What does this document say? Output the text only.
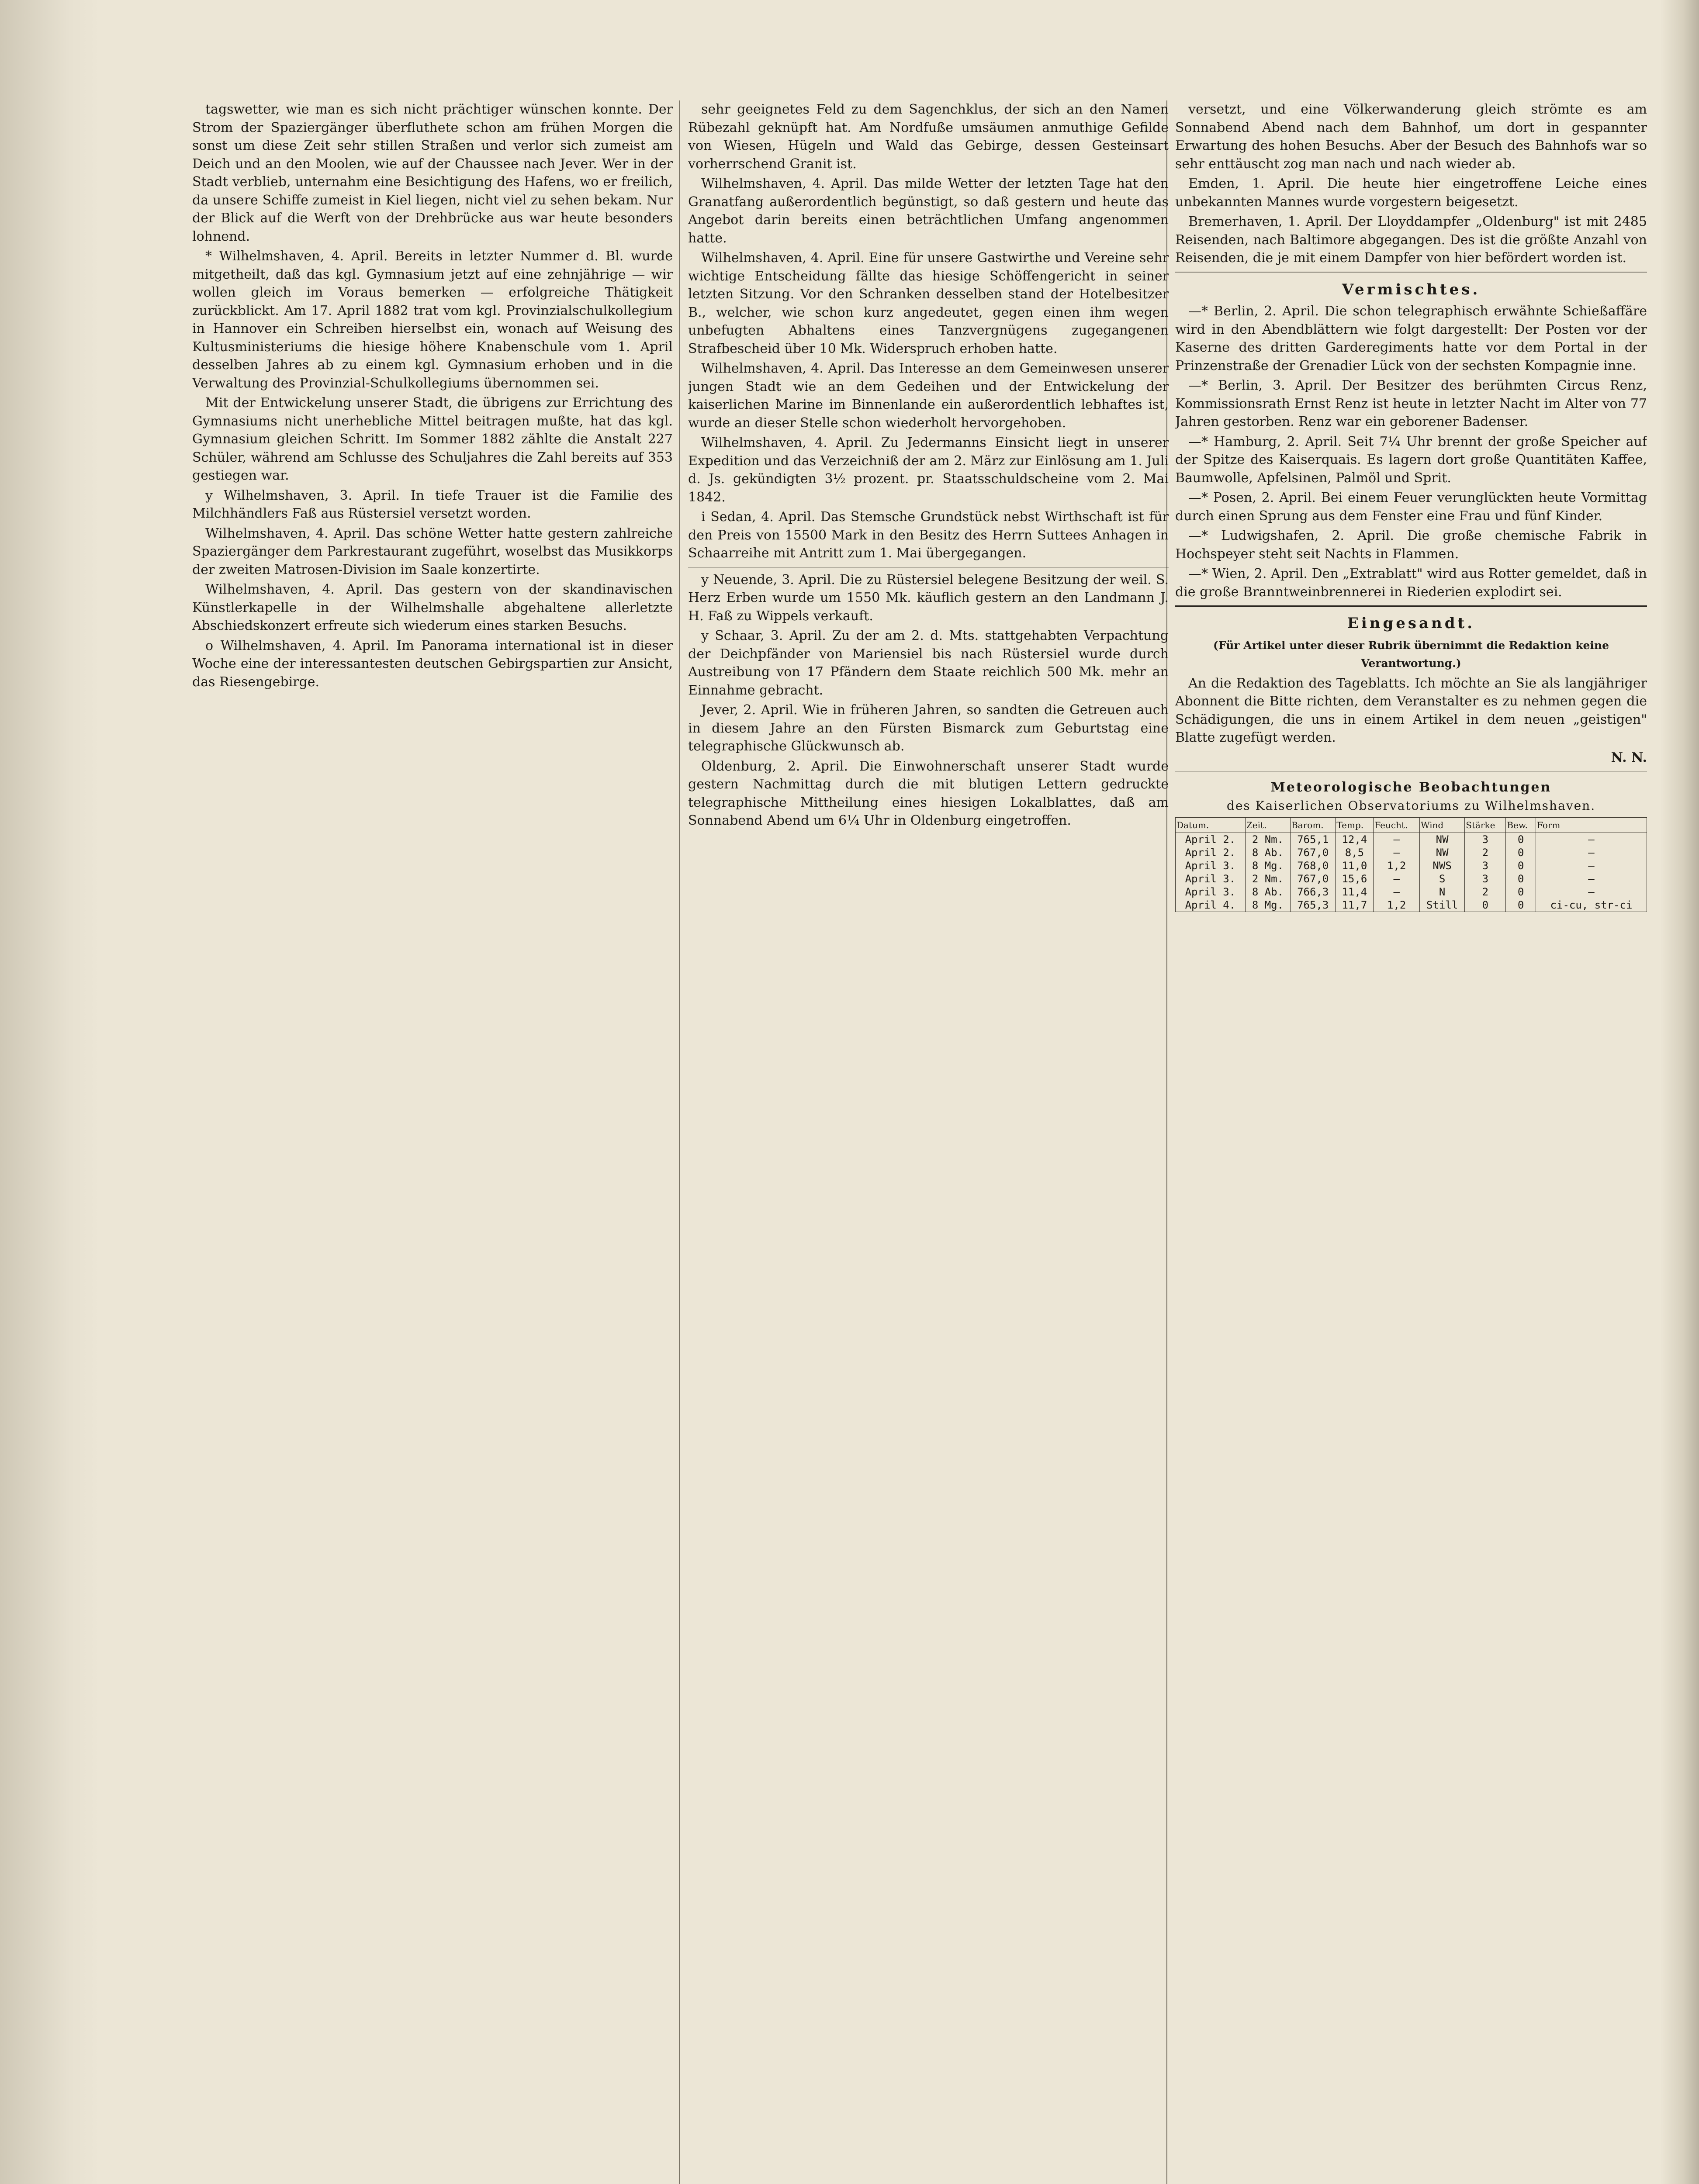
tagswetter, wie man es sich nicht prächtiger wünschen konnte. Der Strom der Spaziergänger überfluthete schon am frühen Morgen die sonst um diese Zeit sehr stillen Straßen und verlor sich zumeist am Deich und an den Moolen, wie auf der Chaussee nach Jever. Wer in der Stadt verblieb, unternahm eine Besichtigung des Hafens, wo er freilich, da unsere Schiffe zumeist in Kiel liegen, nicht viel zu sehen bekam. Nur der Blick auf die Werft von der Drehbrücke aus war heute besonders lohnend.

* Wilhelmshaven, 4. April. Bereits in letzter Nummer d. Bl. wurde mitgetheilt, daß das kgl. Gymnasium jetzt auf eine zehnjährige — wir wollen gleich im Voraus bemerken — erfolgreiche Thätigkeit zurückblickt. Am 17. April 1882 trat vom kgl. Provinzialschulkollegium in Hannover ein Schreiben hierselbst ein, wonach auf Weisung des Kultusministeriums die hiesige höhere Knabenschule vom 1. April desselben Jahres ab zu einem kgl. Gymnasium erhoben und in die Verwaltung des Provinzial-Schulkollegiums übernommen sei.

Mit der Entwickelung unserer Stadt, die übrigens zur Errichtung des Gymnasiums nicht unerhebliche Mittel beitragen mußte, hat das kgl. Gymnasium gleichen Schritt. Im Sommer 1882 zählte die Anstalt 227 Schüler, während am Schlusse des Schuljahres die Zahl bereits auf 353 gestiegen war.

y Wilhelmshaven, 3. April. In tiefe Trauer ist die Familie des Milchhändlers Faß aus Rüstersiel versetzt worden.

Wilhelmshaven, 4. April. Das schöne Wetter hatte gestern zahlreiche Spaziergänger dem Parkrestaurant zugeführt, woselbst das Musikkorps der zweiten Matrosen-Division im Saale konzertirte.

Wilhelmshaven, 4. April. Das gestern von der skandinavischen Künstlerkapelle in der Wilhelmshalle abgehaltene allerletzte Abschiedskonzert erfreute sich wiederum eines starken Besuchs.

o Wilhelmshaven, 4. April. Im Panorama international ist in dieser Woche eine der interessantesten deutschen Gebirgspartien zur Ansicht, das Riesengebirge.

sehr geeignetes Feld zu dem Sagenchklus, der sich an den Namen Rübezahl geknüpft hat. Am Nordfuße umsäumen anmuthige Gefilde von Wiesen, Hügeln und Wald das Gebirge, dessen Gesteinsart vorherrschend Granit ist.

Wilhelmshaven, 4. April. Das milde Wetter der letzten Tage hat den Granatfang außerordentlich begünstigt, so daß gestern und heute das Angebot darin bereits einen beträchtlichen Umfang angenommen hatte.

Wilhelmshaven, 4. April. Eine für unsere Gastwirthe und Vereine sehr wichtige Entscheidung fällte das hiesige Schöffengericht in seiner letzten Sitzung. Vor den Schranken desselben stand der Hotelbesitzer B., welcher, wie schon kurz angedeutet, gegen einen ihm wegen unbefugten Abhaltens eines Tanzvergnügens zugegangenen Strafbescheid über 10 Mk. Widerspruch erhoben hatte.

Wilhelmshaven, 4. April. Das Interesse an dem Gemeinwesen unserer jungen Stadt wie an dem Gedeihen und der Entwickelung der kaiserlichen Marine im Binnenlande ein außerordentlich lebhaftes ist, wurde an dieser Stelle schon wiederholt hervorgehoben.

Wilhelmshaven, 4. April. Zu Jedermanns Einsicht liegt in unserer Expedition und das Verzeichniß der am 2. März zur Einlösung am 1. Juli d. Js. gekündigten 3½ prozent. pr. Staatsschuldscheine vom 2. Mai 1842.

i Sedan, 4. April. Das Stemsche Grundstück nebst Wirthschaft ist für den Preis von 15500 Mark in den Besitz des Herrn Suttees Anhagen in Schaarreihe mit Antritt zum 1. Mai übergegangen.

y Neuende, 3. April. Die zu Rüstersiel belegene Besitzung der weil. S. Herz Erben wurde um 1550 Mk. käuflich gestern an den Landmann J. H. Faß zu Wippels verkauft.

y Schaar, 3. April. Zu der am 2. d. Mts. stattgehabten Verpachtung der Deichpfänder von Mariensiel bis nach Rüstersiel wurde durch Austreibung von 17 Pfändern dem Staate reichlich 500 Mk. mehr an Einnahme gebracht.

Jever, 2. April. Wie in früheren Jahren, so sandten die Getreuen auch in diesem Jahre an den Fürsten Bismarck zum Geburtstag eine telegraphische Glückwunsch ab.

Oldenburg, 2. April. Die Einwohnerschaft unserer Stadt wurde gestern Nachmittag durch die mit blutigen Lettern gedruckte telegraphische Mittheilung eines hiesigen Lokalblattes, daß am Sonnabend Abend um 6¼ Uhr in Oldenburg eingetroffen.

versetzt, und eine Völkerwanderung gleich strömte es am Sonnabend Abend nach dem Bahnhof, um dort in gespannter Erwartung des hohen Besuchs. Aber der Besuch des Bahnhofs war so sehr enttäuscht zog man nach und nach wieder ab.

Emden, 1. April. Die heute hier eingetroffene Leiche eines unbekannten Mannes wurde vorgestern beigesetzt.

Bremerhaven, 1. April. Der Lloyddampfer „Oldenburg" ist mit 2485 Reisenden, nach Baltimore abgegangen. Des ist die größte Anzahl von Reisenden, die je mit einem Dampfer von hier befördert worden ist.

Vermischtes.

—* Berlin, 2. April. Die schon telegraphisch erwähnte Schießaffäre wird in den Abendblättern wie folgt dargestellt: Der Posten vor der Kaserne des dritten Garderegiments hatte vor dem Portal in der Prinzenstraße der Grenadier Lück von der sechsten Kompagnie inne.

—* Berlin, 3. April. Der Besitzer des berühmten Circus Renz, Kommissionsrath Ernst Renz ist heute in letzter Nacht im Alter von 77 Jahren gestorben. Renz war ein geborener Badenser.

—* Hamburg, 2. April. Seit 7¼ Uhr brennt der große Speicher auf der Spitze des Kaiserquais. Es lagern dort große Quantitäten Kaffee, Baumwolle, Apfelsinen, Palmöl und Sprit.

—* Posen, 2. April. Bei einem Feuer verunglückten heute Vormittag durch einen Sprung aus dem Fenster eine Frau und fünf Kinder.

—* Ludwigshafen, 2. April. Die große chemische Fabrik in Hochspeyer steht seit Nachts in Flammen.

—* Wien, 2. April. Den „Extrablatt" wird aus Rotter gemeldet, daß in die große Branntweinbrennerei in Riederien explodirt sei.

Eingesandt.

(Für Artikel unter dieser Rubrik übernimmt die Redaktion keine Verantwortung.)

An die Redaktion des Tageblatts. Ich möchte an Sie als langjähriger Abonnent die Bitte richten, dem Veranstalter es zu nehmen gegen die Schädigungen, die uns in einem Artikel in dem neuen „geistigen" Blatte zugefügt werden.

N. N.

Meteorologische Beobachtungen
des Kaiserlichen Observatoriums zu Wilhelmshaven.
Datum.	Zeit.	Barom.	Temp.	Feucht.	Wind	Stärke	Bew.	Form
April 2.	2 Nm.	765,1	12,4	—	NW	3	0	—
April 2.	8 Ab.	767,0	8,5	—	NW	2	0	—
April 3.	8 Mg.	768,0	11,0	1,2	NWS	3	0	—
April 3.	2 Nm.	767,0	15,6	—	S	3	0	—
April 3.	8 Ab.	766,3	11,4	—	N	2	0	—
April 4.	8 Mg.	765,3	11,7	1,2	Still	0	0	ci-cu, str-ci
